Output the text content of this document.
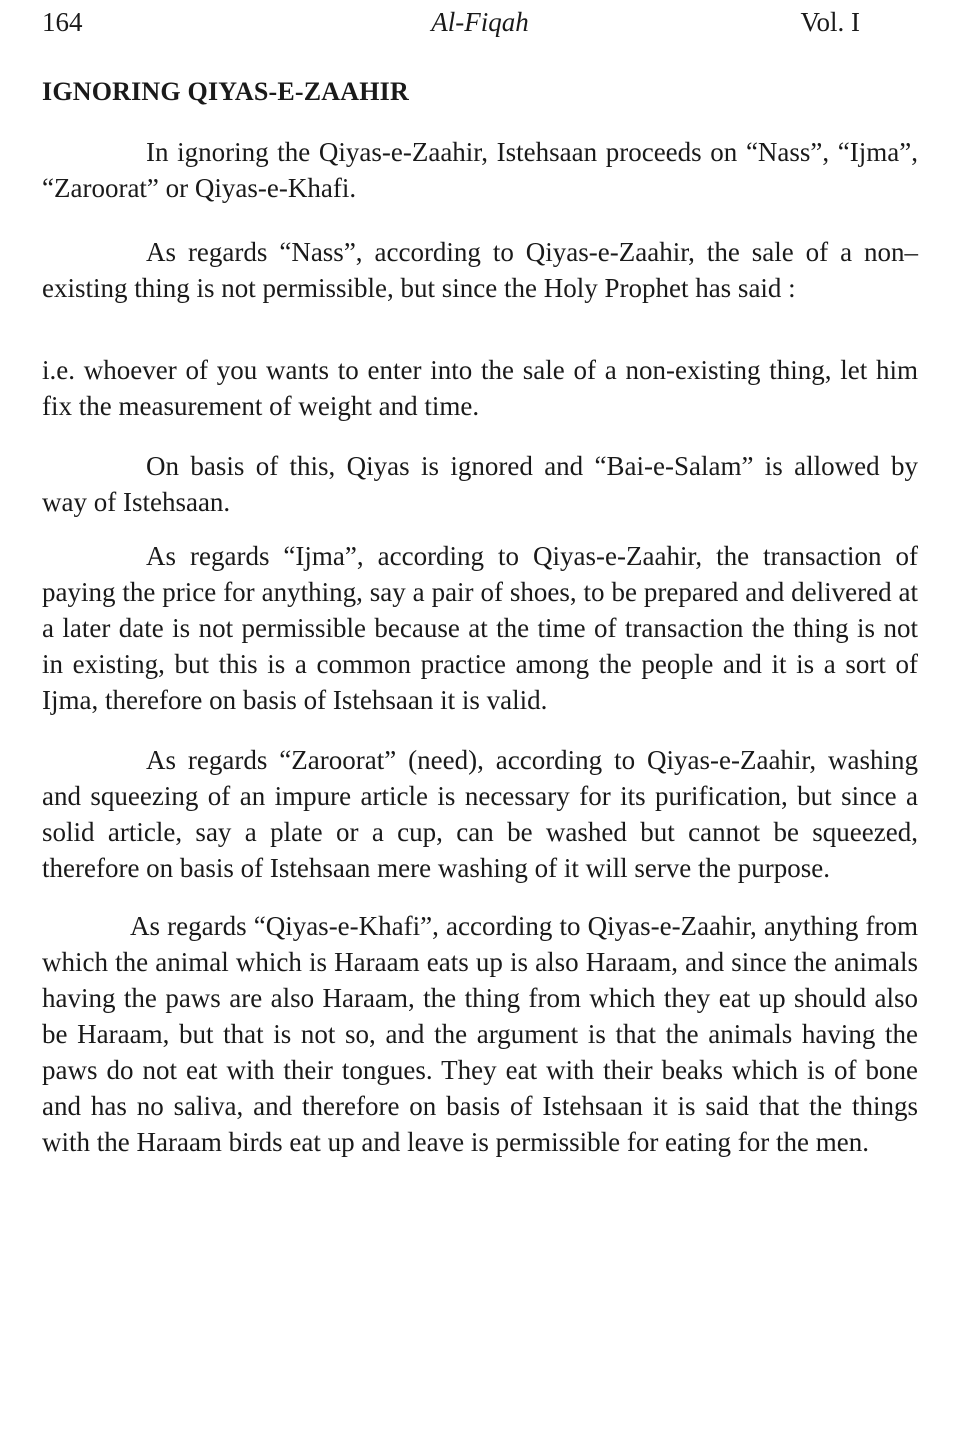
164	Al-Fiqah	Vol. I
IGNORING QIYAS-E-ZAAHIR

In ignoring the Qiyas-e-Zaahir, Istehsaan proceeds on “Nass”, “Ijma”, “Zaroorat” or Qiyas-e-Khafi.

As regards “Nass”, according to Qiyas-e-Zaahir, the sale of a non–existing thing is not permissible, but since the Holy Prophet has said :

i.e. whoever of you wants to enter into the sale of a non-existing thing, let him fix the measurement of weight and time.

On basis of this, Qiyas is ignored and “Bai-e-Salam” is allowed by way of Istehsaan.

As regards “Ijma”, according to Qiyas-e-Zaahir, the transaction of paying the price for anything, say a pair of shoes, to be prepared and delivered at a later date is not permissible because at the time of transaction the thing is not in existing, but this is a common practice among the people and it is a sort of Ijma, therefore on basis of Istehsaan it is valid.

As regards “Zaroorat” (need), according to Qiyas-e-Zaahir, washing and squeezing of an impure article is necessary for its purification, but since a solid article, say a plate or a cup, can be washed but cannot be squeezed, therefore on basis of Istehsaan mere washing of it will serve the purpose.

As regards “Qiyas-e-Khafi”, according to Qiyas-e-Zaahir, anything from which the animal which is Haraam eats up is also Haraam, and since the animals having the paws are also Haraam, the thing from which they eat up should also be Haraam, but that is not so, and the argument is that the animals having the paws do not eat with their tongues. They eat with their beaks which is of bone and has no saliva, and therefore on basis of Istehsaan it is said that the things with the Haraam birds eat up and leave is permissible for eating for the men.
